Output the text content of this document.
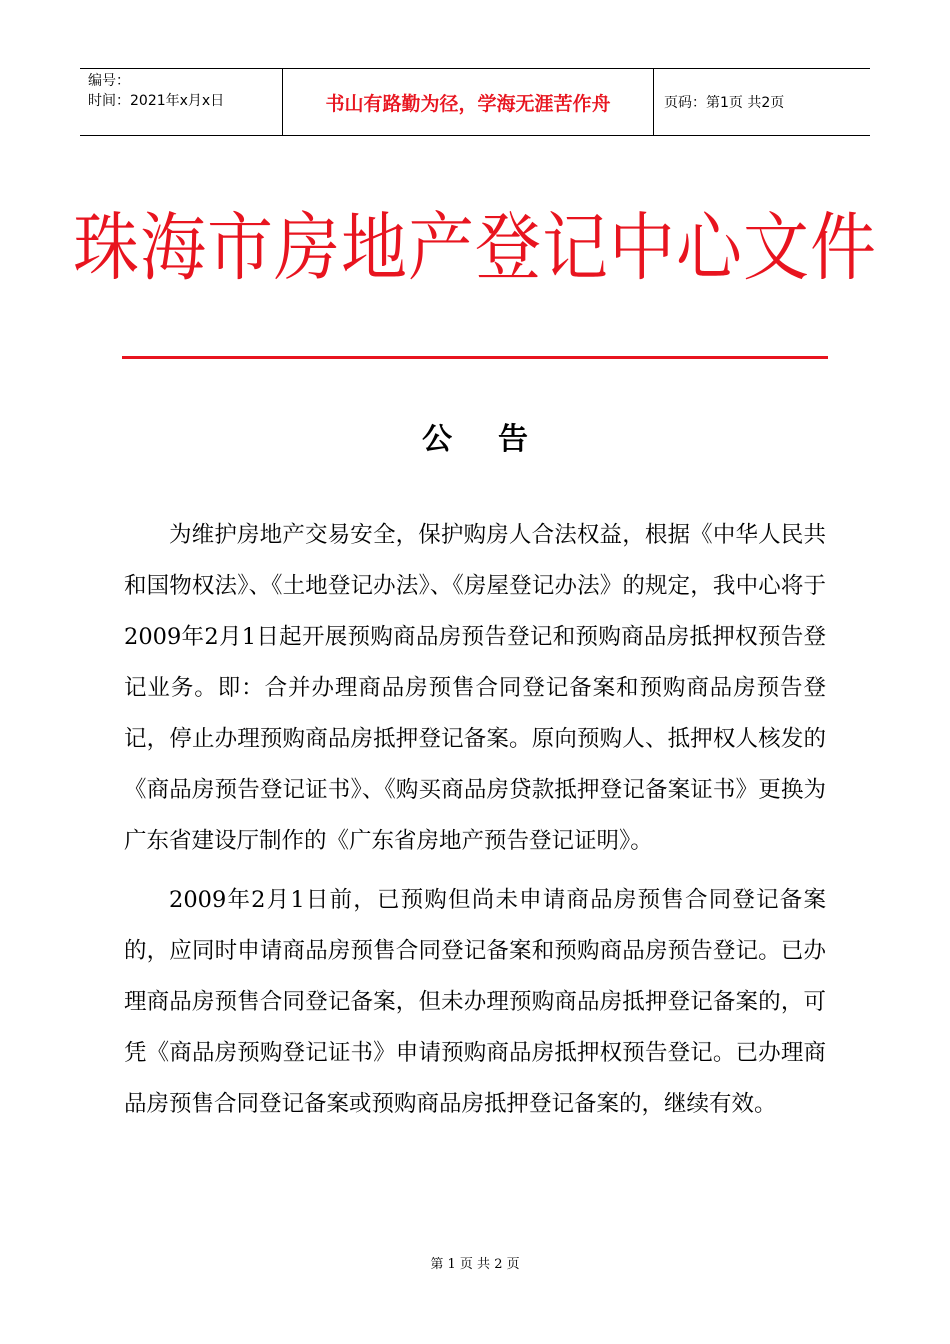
编号：
时间：2021年x月x日	书山有路勤为径，学海无涯苦作舟	页码：第1页 共2页
珠海市房地产登记中心文件
公告

为维护房地产交易安全，保护购房人合法权益，根据《中华人民共和国物权法》、《土地登记办法》、《房屋登记办法》的规定，我中心将于2009年2月1日起开展预购商品房预告登记和预购商品房抵押权预告登记业务。即：合并办理商品房预售合同登记备案和预购商品房预告登记，停止办理预购商品房抵押登记备案。原向预购人、抵押权人核发的《商品房预告登记证书》、《购买商品房贷款抵押登记备案证书》更换为广东省建设厅制作的《广东省房地产预告登记证明》。

2009年2月1日前，已预购但尚未申请商品房预售合同登记备案的，应同时申请商品房预售合同登记备案和预购商品房预告登记。已办理商品房预售合同登记备案，但未办理预购商品房抵押登记备案的，可凭《商品房预购登记证书》申请预购商品房抵押权预告登记。已办理商品房预售合同登记备案或预购商品房抵押登记备案的，继续有效。

第 1 页 共 2 页
